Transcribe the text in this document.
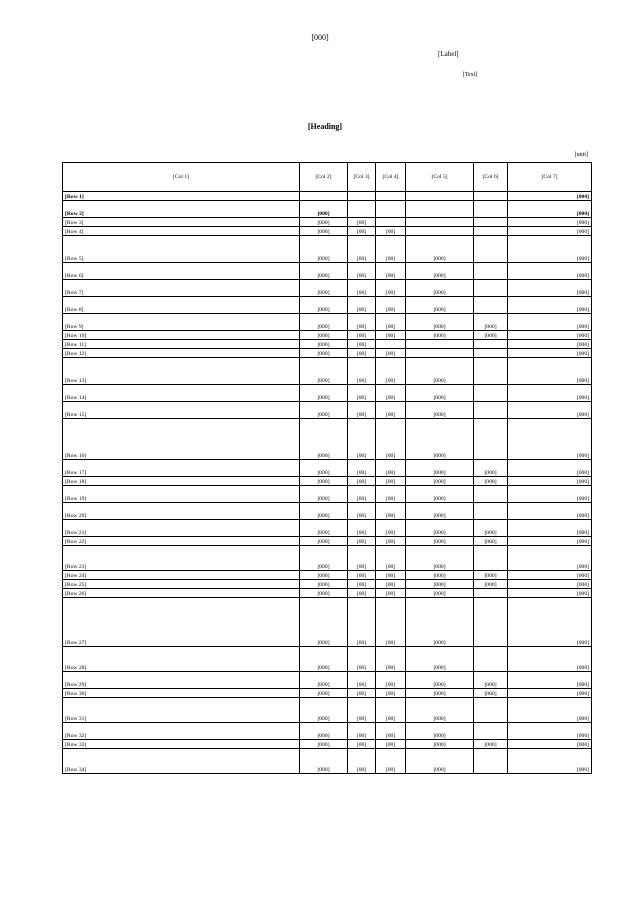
[000]
[Label]
[Text]
[Heading]
[unit]
[Col 1]	[Col 2]	[Col 3]	[Col 4]	[Col 5]	[Col 6]	[Col 7]
[Row 1]						[000]
[Row 2]	[000]					[000]
[Row 3]	[000]	[00]				[000]
[Row 4]	[000]	[00]	[00]			[000]
[Row 5]	[000]	[00]	[00]	[000]		[000]
[Row 6]	[000]	[00]	[00]	[000]		[000]
[Row 7]	[000]	[00]	[00]	[000]		[000]
[Row 8]	[000]	[00]	[00]	[000]		[000]
[Row 9]	[000]	[00]	[00]	[000]	[000]	[000]
[Row 10]	[000]	[00]	[00]	[000]	[000]	[000]
[Row 11]	[000]	[00]				[000]
[Row 12]	[000]	[00]	[00]			[000]
[Row 13]	[000]	[00]	[00]	[000]		[000]
[Row 14]	[000]	[00]	[00]	[000]		[000]
[Row 15]	[000]	[00]	[00]	[000]		[000]
[Row 16]	[000]	[00]	[00]	[000]		[000]
[Row 17]	[000]	[00]	[00]	[000]	[000]	[000]
[Row 18]	[000]	[00]	[00]	[000]	[000]	[000]
[Row 19]	[000]	[00]	[00]	[000]		[000]
[Row 20]	[000]	[00]	[00]	[000]		[000]
[Row 21]	[000]	[00]	[00]	[000]	[000]	[000]
[Row 22]	[000]	[00]	[00]	[000]	[000]	[000]
[Row 23]	[000]	[00]	[00]	[000]		[000]
[Row 24]	[000]	[00]	[00]	[000]	[000]	[000]
[Row 25]	[000]	[00]	[00]	[000]	[000]	[000]
[Row 26]	[000]	[00]	[00]	[000]		[000]
[Row 27]	[000]	[00]	[00]	[000]		[000]
[Row 28]	[000]	[00]	[00]	[000]		[000]
[Row 29]	[000]	[00]	[00]	[000]	[000]	[000]
[Row 30]	[000]	[00]	[00]	[000]	[000]	[000]
[Row 31]	[000]	[00]	[00]	[000]		[000]
[Row 32]	[000]	[00]	[00]	[000]		[000]
[Row 33]	[000]	[00]	[00]	[000]	[000]	[000]
[Row 34]	[000]	[00]	[00]	[000]		[000]
